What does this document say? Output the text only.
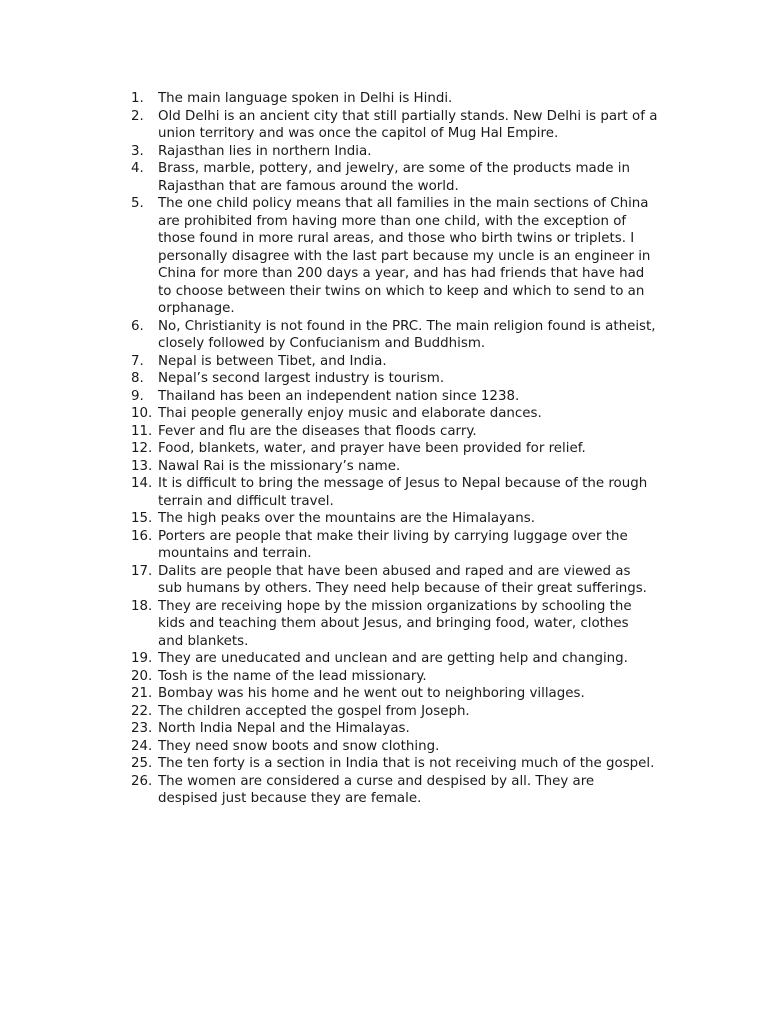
1. The main language spoken in Delhi is Hindi.
2. Old Delhi is an ancient city that still partially stands. New Delhi is part of a union territory and was once the capitol of Mug Hal Empire.
3. Rajasthan lies in northern India.
4. Brass, marble, pottery, and jewelry, are some of the products made in Rajasthan that are famous around the world.
5. The one child policy means that all families in the main sections of China are prohibited from having more than one child, with the exception of those found in more rural areas, and those who birth twins or triplets. I personally disagree with the last part because my uncle is an engineer in China for more than 200 days a year, and has had friends that have had to choose between their twins on which to keep and which to send to an orphanage.
6. No, Christianity is not found in the PRC. The main religion found is atheist, closely followed by Confucianism and Buddhism.
7. Nepal is between Tibet, and India.
8. Nepal’s second largest industry is tourism.
9. Thailand has been an independent nation since 1238.
10. Thai people generally enjoy music and elaborate dances.
11. Fever and flu are the diseases that floods carry.
12. Food, blankets, water, and prayer have been provided for relief.
13. Nawal Rai is the missionary’s name.
14. It is difficult to bring the message of Jesus to Nepal because of the rough terrain and difficult travel.
15. The high peaks over the mountains are the Himalayans.
16. Porters are people that make their living by carrying luggage over the mountains and terrain.
17. Dalits are people that have been abused and raped and are viewed as sub humans by others. They need help because of their great sufferings.
18. They are receiving hope by the mission organizations by schooling the kids and teaching them about Jesus, and bringing food, water, clothes and blankets.
19. They are uneducated and unclean and are getting help and changing.
20. Tosh is the name of the lead missionary.
21. Bombay was his home and he went out to neighboring villages.
22. The children accepted the gospel from Joseph.
23. North India Nepal and the Himalayas.
24. They need snow boots and snow clothing.
25. The ten forty is a section in India that is not receiving much of the gospel.
26. The women are considered a curse and despised by all. They are despised just because they are female.
